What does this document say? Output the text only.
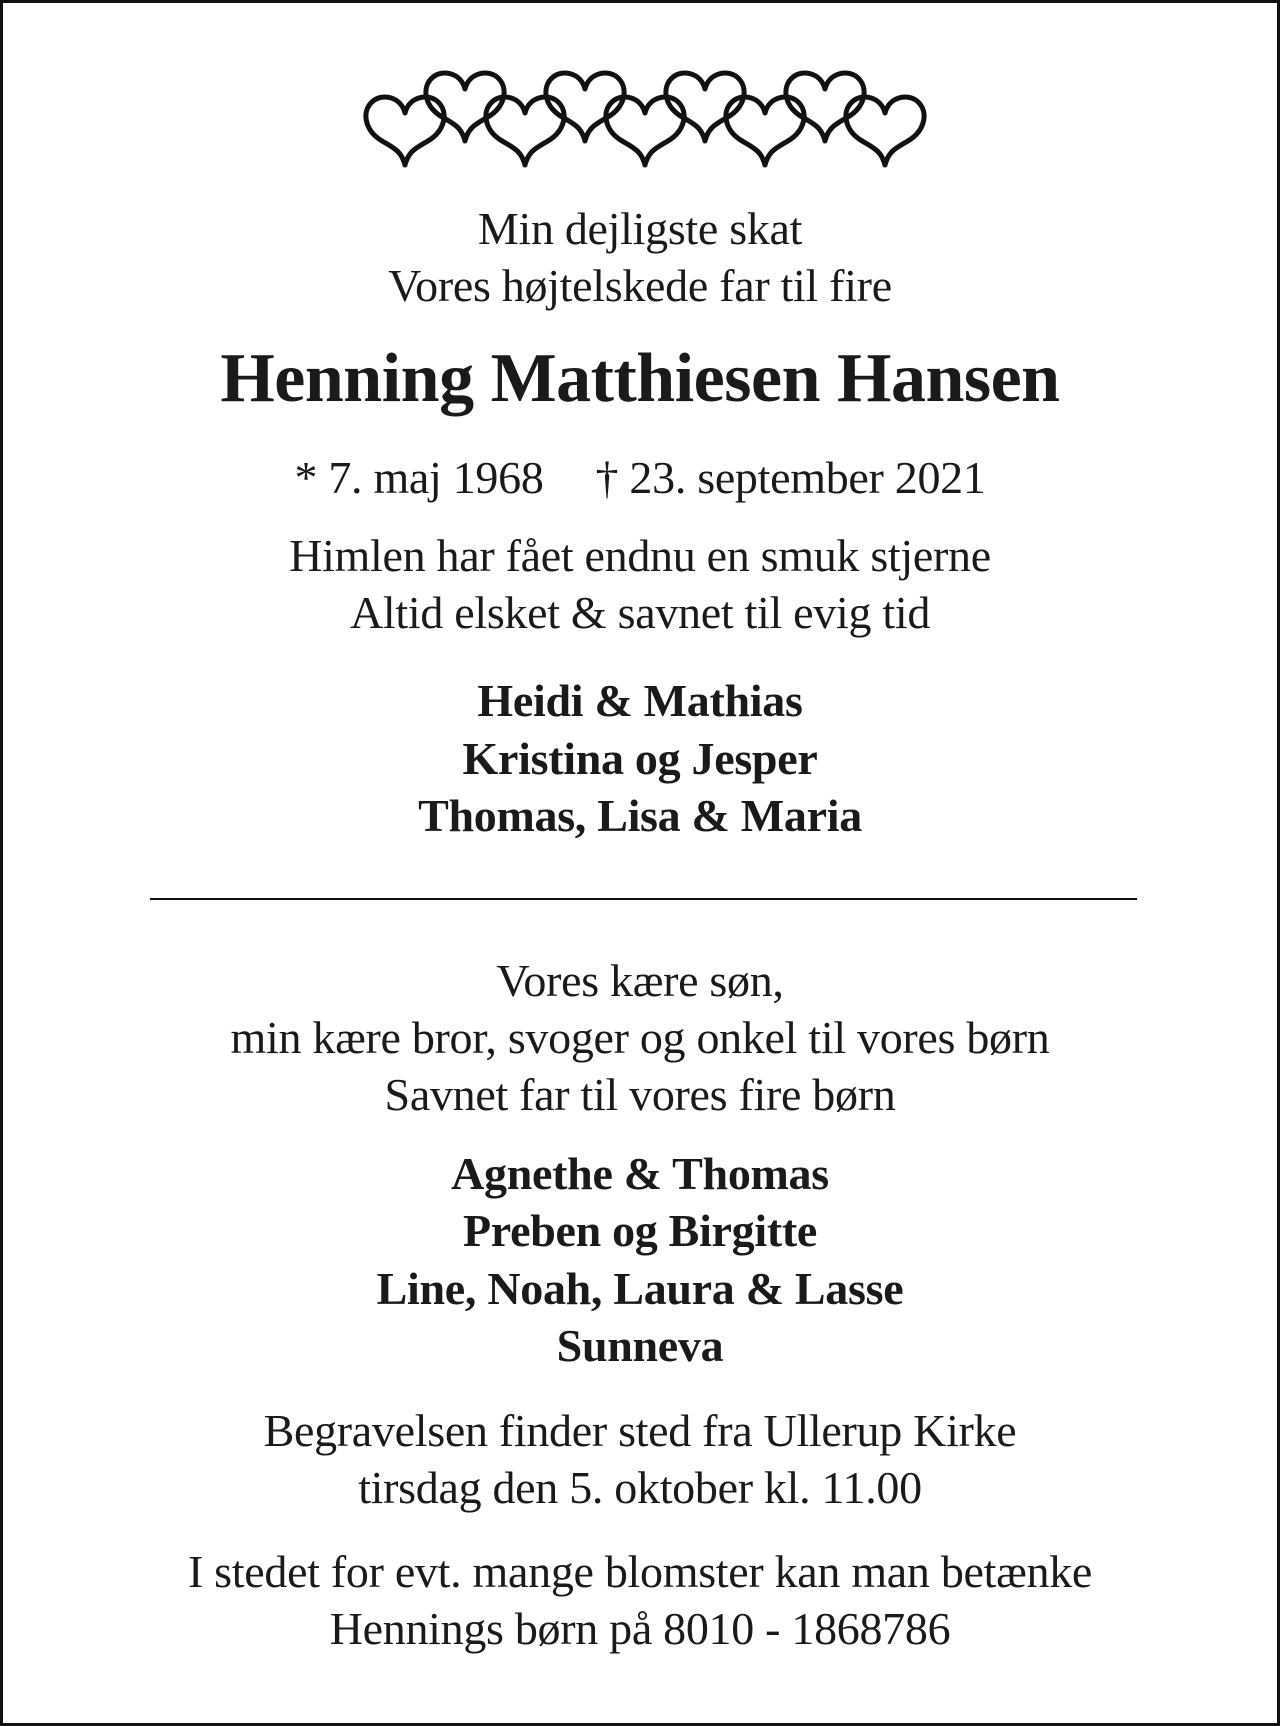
Min dejligste skat
Vores højtelskede far til fire
Henning Matthiesen Hansen
* 7. maj 1968 † 23. september 2021
Himlen har fået endnu en smuk stjerne
Altid elsket & savnet til evig tid
Heidi & Mathias
Kristina og Jesper
Thomas, Lisa & Maria
Vores kære søn,
min kære bror, svoger og onkel til vores børn
Savnet far til vores fire børn
Agnethe & Thomas
Preben og Birgitte
Line, Noah, Laura & Lasse
Sunneva
Begravelsen finder sted fra Ullerup Kirke
tirsdag den 5. oktober kl. 11.00
I stedet for evt. mange blomster kan man betænke
Hennings børn på 8010 - 1868786
